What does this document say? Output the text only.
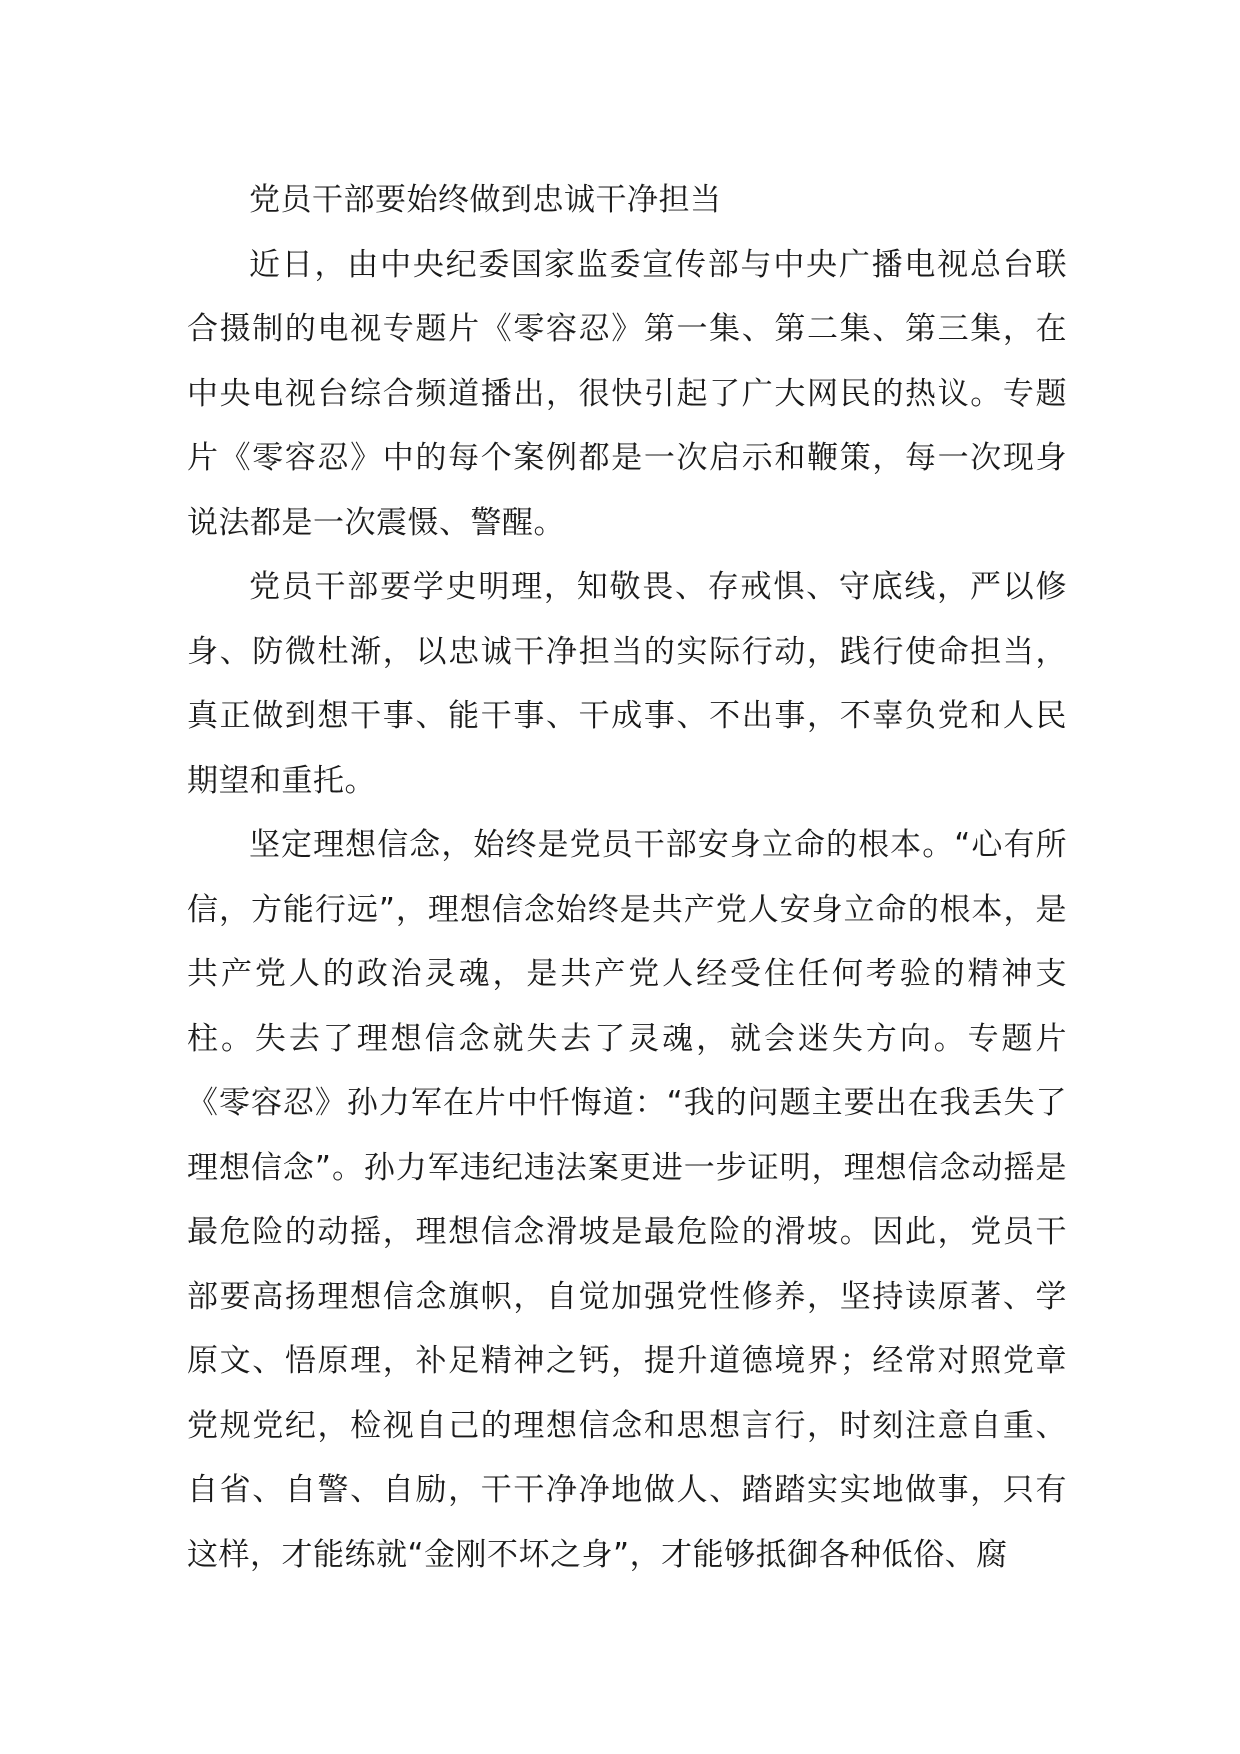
党员干部要始终做到忠诚干净担当

近日，由中央纪委国家监委宣传部与中央广播电视总台联合摄制的电视专题片《零容忍》第一集、第二集、第三集，在中央电视台综合频道播出，很快引起了广大网民的热议。专题片《零容忍》中的每个案例都是一次启示和鞭策，每一次现身说法都是一次震慑、警醒。

党员干部要学史明理，知敬畏、存戒惧、守底线，严以修身、防微杜渐，以忠诚干净担当的实际行动，践行使命担当，真正做到想干事、能干事、干成事、不出事，不辜负党和人民期望和重托。

坚定理想信念，始终是党员干部安身立命的根本。“心有所信，方能行远”，理想信念始终是共产党人安身立命的根本，是共产党人的政治灵魂，是共产党人经受住任何考验的精神支柱。失去了理想信念就失去了灵魂，就会迷失方向。专题片《零容忍》孙力军在片中忏悔道：“我的问题主要出在我丢失了理想信念”。孙力军违纪违法案更进一步证明，理想信念动摇是最危险的动摇，理想信念滑坡是最危险的滑坡。因此，党员干部要高扬理想信念旗帜，自觉加强党性修养，坚持读原著、学原文、悟原理，补足精神之钙，提升道德境界；经常对照党章党规党纪，检视自己的理想信念和思想言行，时刻注意自重、自省、自警、自励，干干净净地做人、踏踏实实地做事，只有这样，才能练就“金刚不坏之身”，才能够抵御各种低俗、腐
